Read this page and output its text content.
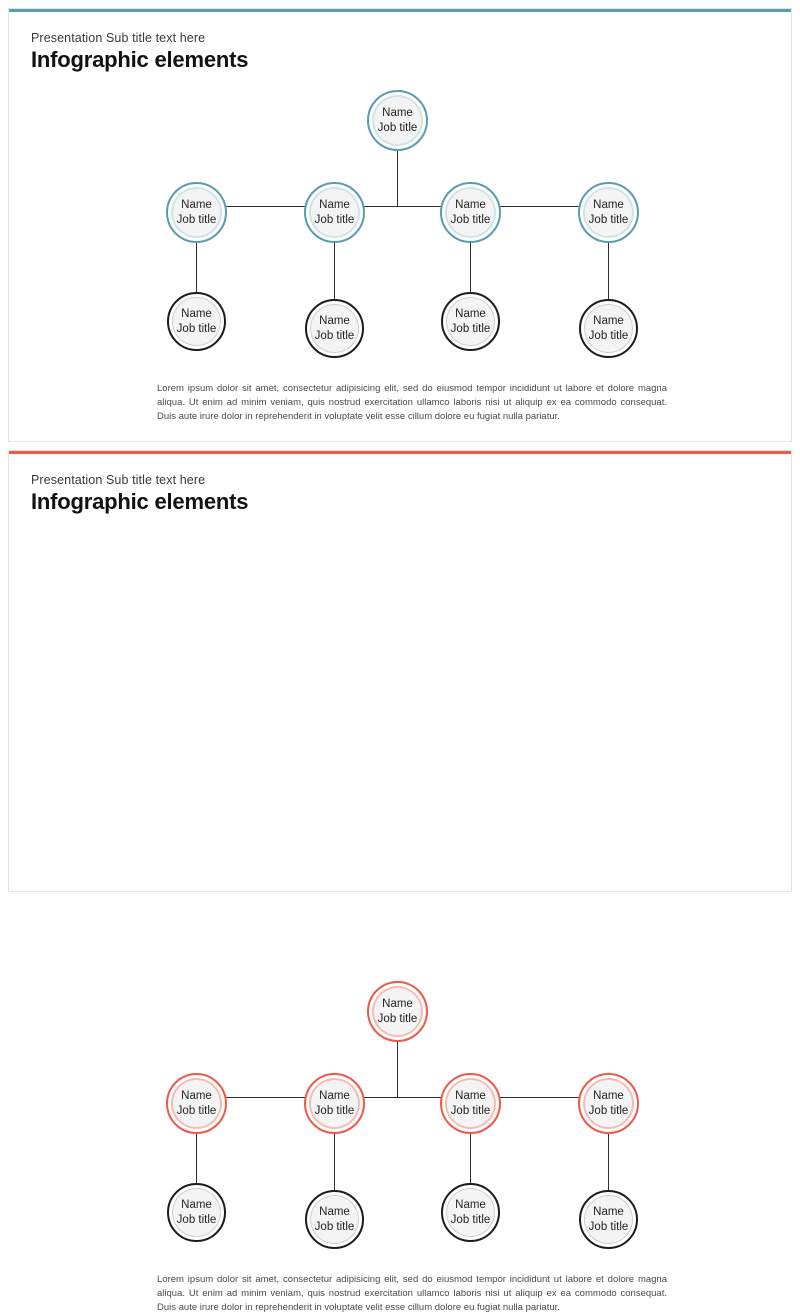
Presentation Sub title text here
Infographic elements
Name
Job title
Name
Job title
Name
Job title
Name
Job title
Name
Job title
Name
Job title
Name
Job title
Name
Job title
Name
Job title

Lorem ipsum dolor sit amet, consectetur adipisicing elit, sed do eiusmod tempor incididunt ut labore et dolore magna aliqua. Ut enim ad minim veniam, quis nostrud exercitation ullamco laboris nisi ut aliquip ex ea commodo consequat. Duis aute irure dolor in reprehenderit in voluptate velit esse cillum dolore eu fugiat nulla pariatur.

Presentation Sub title text here
Infographic elements
Name
Job title
Name
Job title
Name
Job title
Name
Job title
Name
Job title
Name
Job title
Name
Job title
Name
Job title
Name
Job title

Lorem ipsum dolor sit amet, consectetur adipisicing elit, sed do eiusmod tempor incididunt ut labore et dolore magna aliqua. Ut enim ad minim veniam, quis nostrud exercitation ullamco laboris nisi ut aliquip ex ea commodo consequat. Duis aute irure dolor in reprehenderit in voluptate velit esse cillum dolore eu fugiat nulla pariatur.
